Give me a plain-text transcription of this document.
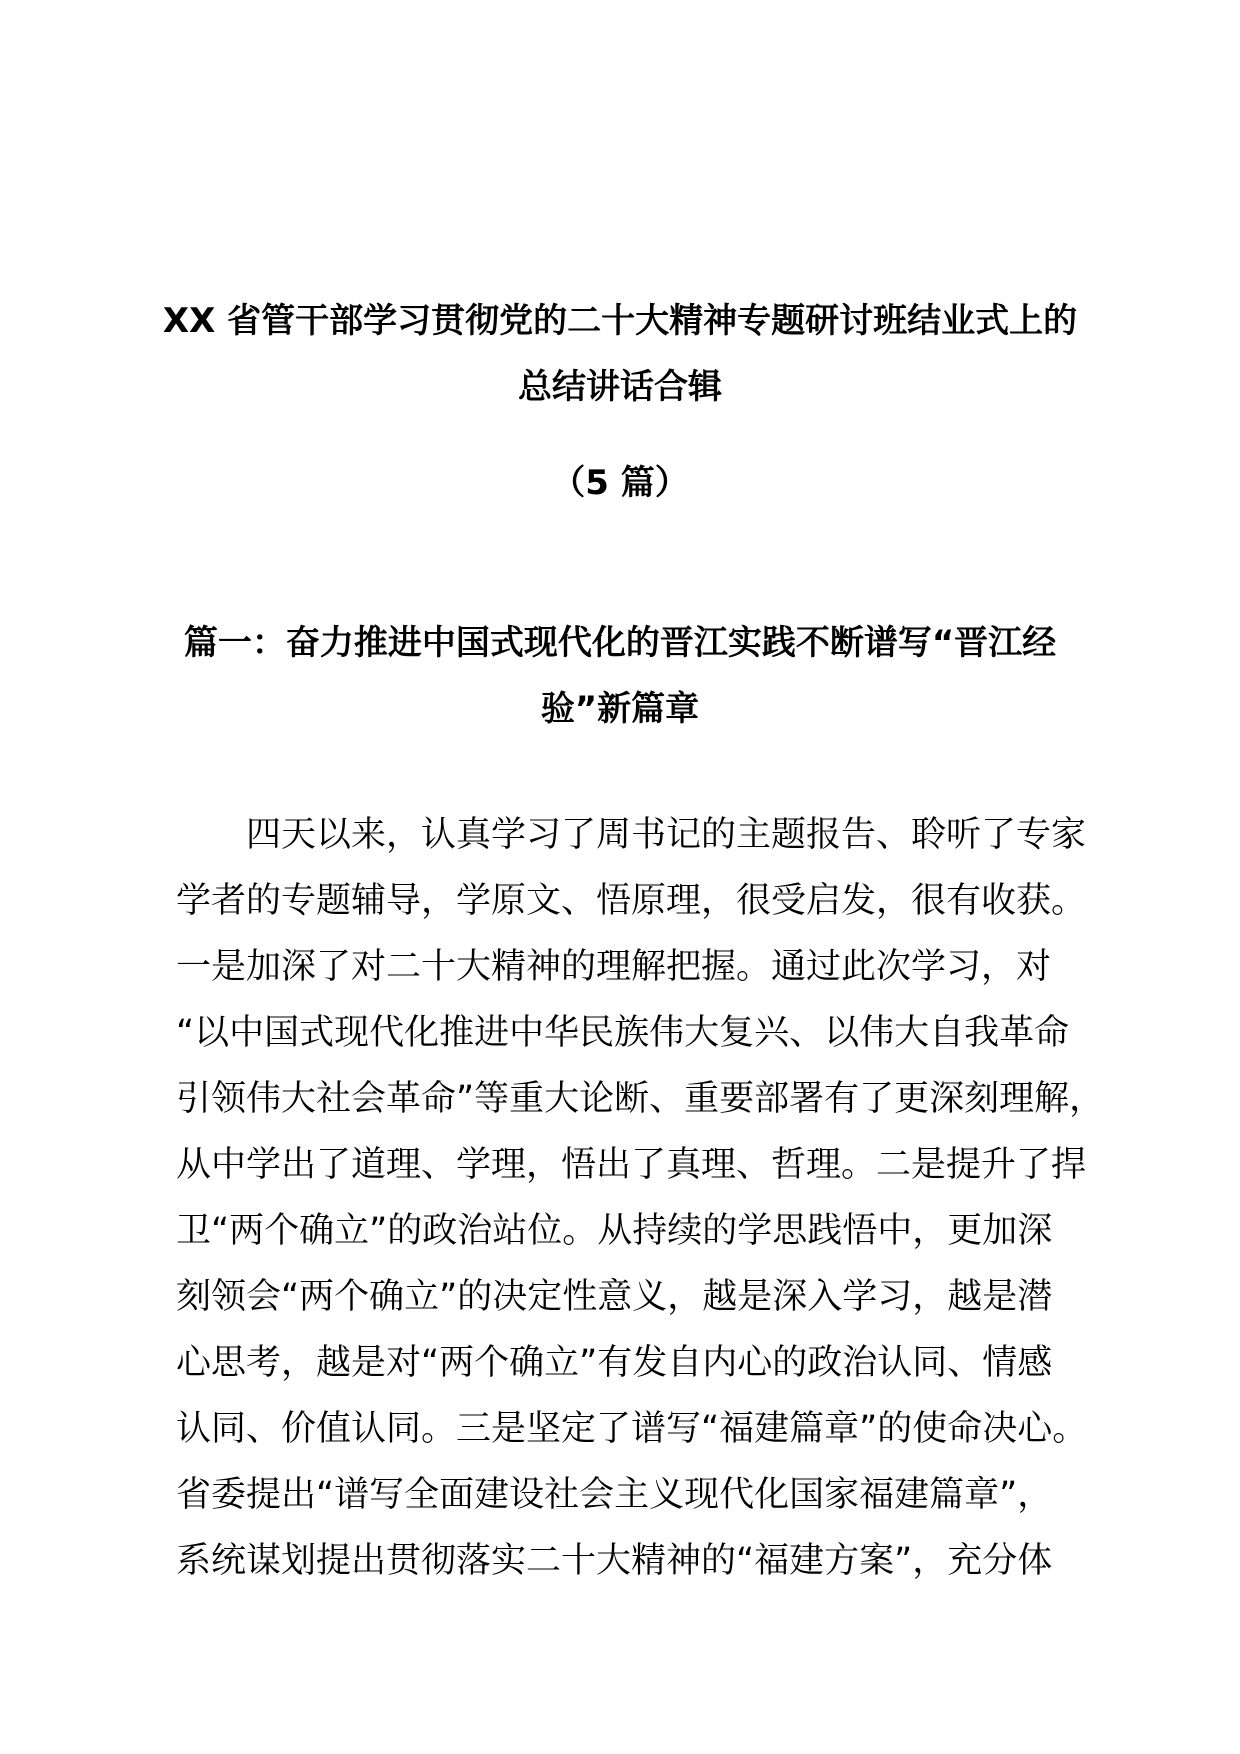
XX 省管干部学习贯彻党的二十大精神专题研讨班结业式上的
总结讲话合辑

（5 篇）

篇一：奋力推进中国式现代化的晋江实践不断谱写“晋江经
验”新篇章
四天以来，认真学习了周书记的主题报告、聆听了专家
学者的专题辅导，学原文、悟原理，很受启发，很有收获。
一是加深了对二十大精神的理解把握。通过此次学习，对
“以中国式现代化推进中华民族伟大复兴、以伟大自我革命
引领伟大社会革命”等重大论断、重要部署有了更深刻理解，
从中学出了道理、学理，悟出了真理、哲理。二是提升了捍
卫“两个确立”的政治站位。从持续的学思践悟中，更加深
刻领会“两个确立”的决定性意义，越是深入学习，越是潜
心思考，越是对“两个确立”有发自内心的政治认同、情感
认同、价值认同。三是坚定了谱写“福建篇章”的使命决心。
省委提出“谱写全面建设社会主义现代化国家福建篇章”，
系统谋划提出贯彻落实二十大精神的“福建方案”，充分体
